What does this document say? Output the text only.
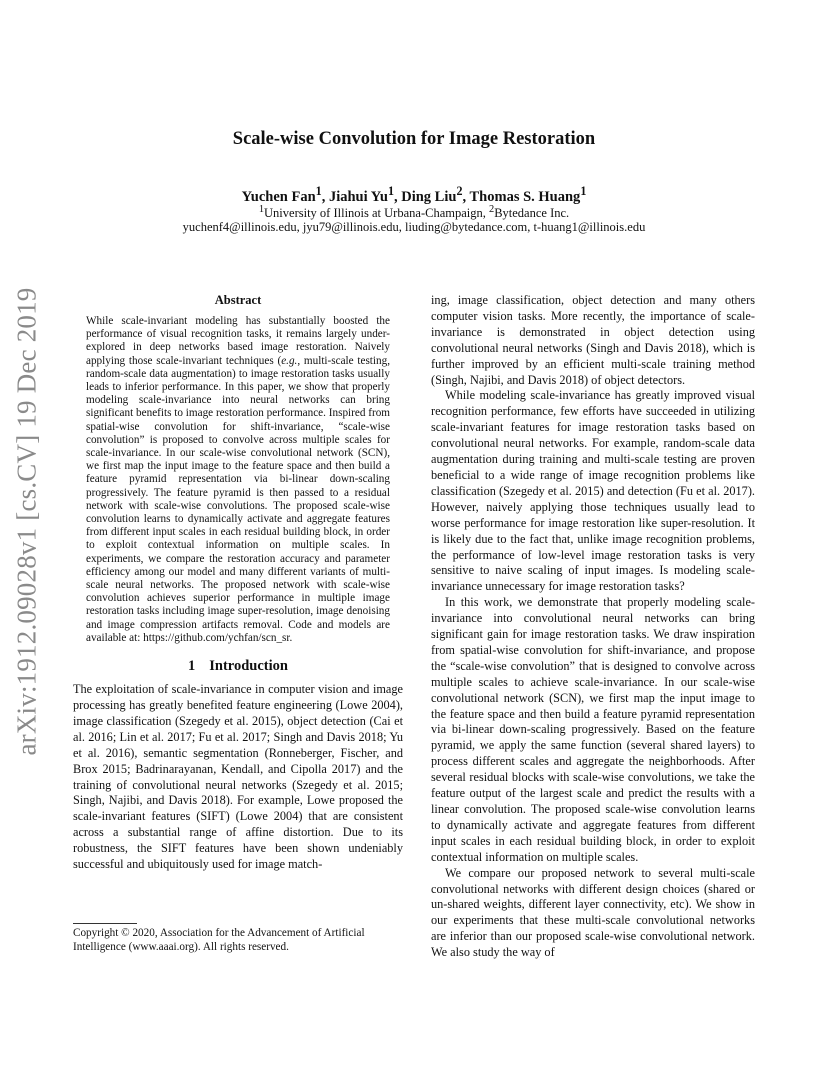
arXiv:1912.09028v1 [cs.CV] 19 Dec 2019
Scale-wise Convolution for Image Restoration
Yuchen Fan$^1$, Jiahui Yu$^1$, Ding Liu$^2$, Thomas S. Huang$^1$
$^1$University of Illinois at Urbana-Champaign, $^2$Bytedance Inc.
yuchenf4@illinois.edu, jyu79@illinois.edu, liuding@bytedance.com, t-huang1@illinois.edu
Abstract

While scale-invariant modeling has substantially boosted the performance of visual recognition tasks, it remains largely under-explored in deep networks based image restoration. Naively applying those scale-invariant techniques (e.g., multi-scale testing, random-scale data augmentation) to image restoration tasks usually leads to inferior performance. In this paper, we show that properly modeling scale-invariance into neural networks can bring significant benefits to image restoration performance. Inspired from spatial-wise convolution for shift-invariance, “scale-wise convolution” is proposed to convolve across multiple scales for scale-invariance. In our scale-wise convolutional network (SCN), we first map the input image to the feature space and then build a feature pyramid representation via bi-linear down-scaling progressively. The feature pyramid is then passed to a residual network with scale-wise convolutions. The proposed scale-wise convolution learns to dynamically activate and aggregate features from different input scales in each residual building block, in order to exploit contextual information on multiple scales. In experiments, we compare the restoration accuracy and parameter efficiency among our model and many different variants of multi-scale neural networks. The proposed network with scale-wise convolution achieves superior performance in multiple image restoration tasks including image super-resolution, image denoising and image compression artifacts removal. Code and models are available at: https://github.com/ychfan/scn_sr.

1 Introduction

The exploitation of scale-invariance in computer vision and image processing has greatly benefited feature engineering (Lowe 2004), image classification (Szegedy et al. 2015), object detection (Cai et al. 2016; Lin et al. 2017; Fu et al. 2017; Singh and Davis 2018; Yu et al. 2016), semantic segmentation (Ronneberger, Fischer, and Brox 2015; Badrinarayanan, Kendall, and Cipolla 2017) and the training of convolutional neural networks (Szegedy et al. 2015; Singh, Najibi, and Davis 2018). For example, Lowe proposed the scale-invariant features (SIFT) (Lowe 2004) that are consistent across a substantial range of affine distortion. Due to its robustness, the SIFT features have been shown undeniably successful and ubiquitously used for image match-

Copyright © 2020, Association for the Advancement of Artificial Intelligence (www.aaai.org). All rights reserved.

ing, image classification, object detection and many others computer vision tasks. More recently, the importance of scale-invariance is demonstrated in object detection using convolutional neural networks (Singh and Davis 2018), which is further improved by an efficient multi-scale training method (Singh, Najibi, and Davis 2018) of object detectors.

While modeling scale-invariance has greatly improved visual recognition performance, few efforts have succeeded in utilizing scale-invariant features for image restoration tasks based on convolutional neural networks. For example, random-scale data augmentation during training and multi-scale testing are proven beneficial to a wide range of image recognition problems like classification (Szegedy et al. 2015) and detection (Fu et al. 2017). However, naively applying those techniques usually lead to worse performance for image restoration like super-resolution. It is likely due to the fact that, unlike image recognition problems, the performance of low-level image restoration tasks is very sensitive to naive scaling of input images. Is modeling scale-invariance unnecessary for image restoration tasks?

In this work, we demonstrate that properly modeling scale-invariance into convolutional neural networks can bring significant gain for image restoration tasks. We draw inspiration from spatial-wise convolution for shift-invariance, and propose the “scale-wise convolution” that is designed to convolve across multiple scales to achieve scale-invariance. In our scale-wise convolutional network (SCN), we first map the input image to the feature space and then build a feature pyramid representation via bi-linear down-scaling progressively. Based on the feature pyramid, we apply the same function (several shared layers) to process different scales and aggregate the neighborhoods. After several residual blocks with scale-wise convolutions, we take the feature output of the largest scale and predict the results with a linear convolution. The proposed scale-wise convolution learns to dynamically activate and aggregate features from different input scales in each residual building block, in order to exploit contextual information on multiple scales.

We compare our proposed network to several multi-scale convolutional networks with different design choices (shared or un-shared weights, different layer connectivity, etc). We show in our experiments that these multi-scale convolutional networks are inferior than our proposed scale-wise convolutional network. We also study the way of
